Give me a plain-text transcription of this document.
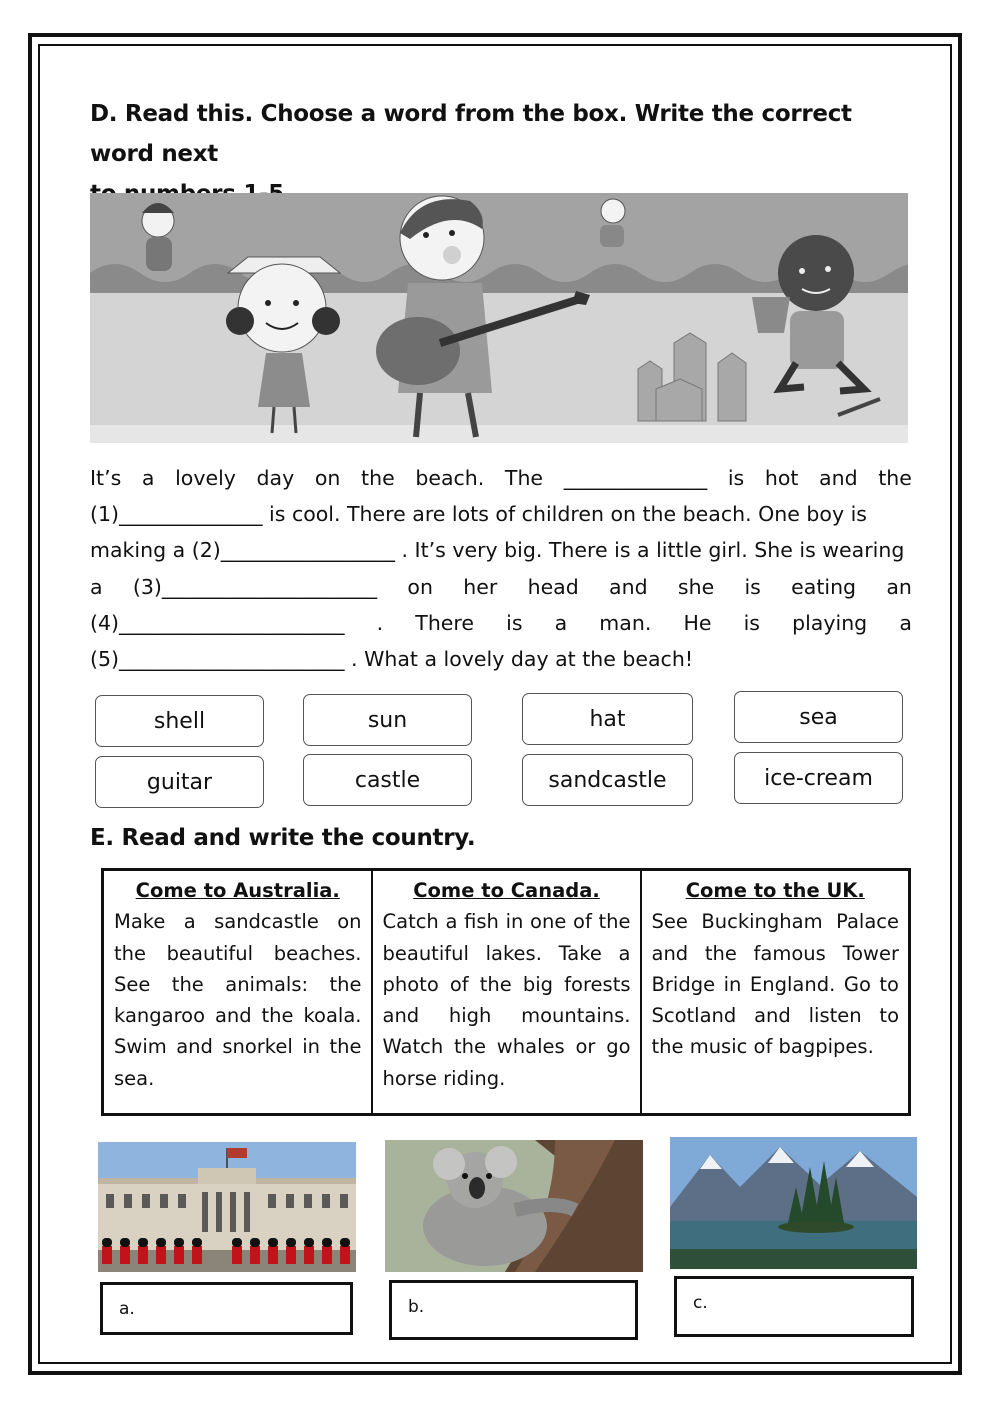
D. Read this. Choose a word from the box. Write the correct word next
It’s a lovely day on the beach. The ______________ is hot and the
(1)______________ is cool. There are lots of children on the beach. One boy is
making a (2)_________________ . It’s very big. There is a little girl. She is wearing
a (3)_____________________ on her head and she is eating an
(4)______________________ . There is a man. He is playing a
(5)______________________ . What a lovely day at the beach!
shell	sun	hat	sea
guitar	castle	sandcastle	ice-cream
E. Read and write the country.
Come to Australia.
Make a sandcastle on the beautiful beaches. See the animals: the kangaroo and the koala. Swim and snorkel in the sea.

Come to Canada.
Catch a fish in one of the beautiful lakes. Take a photo of the big forests and high mountains. Watch the whales or go horse riding.

Come to the UK.
See Buckingham Palace and the famous Tower Bridge in England. Go to Scotland and listen to the music of bagpipes.
a.	b.	c.
